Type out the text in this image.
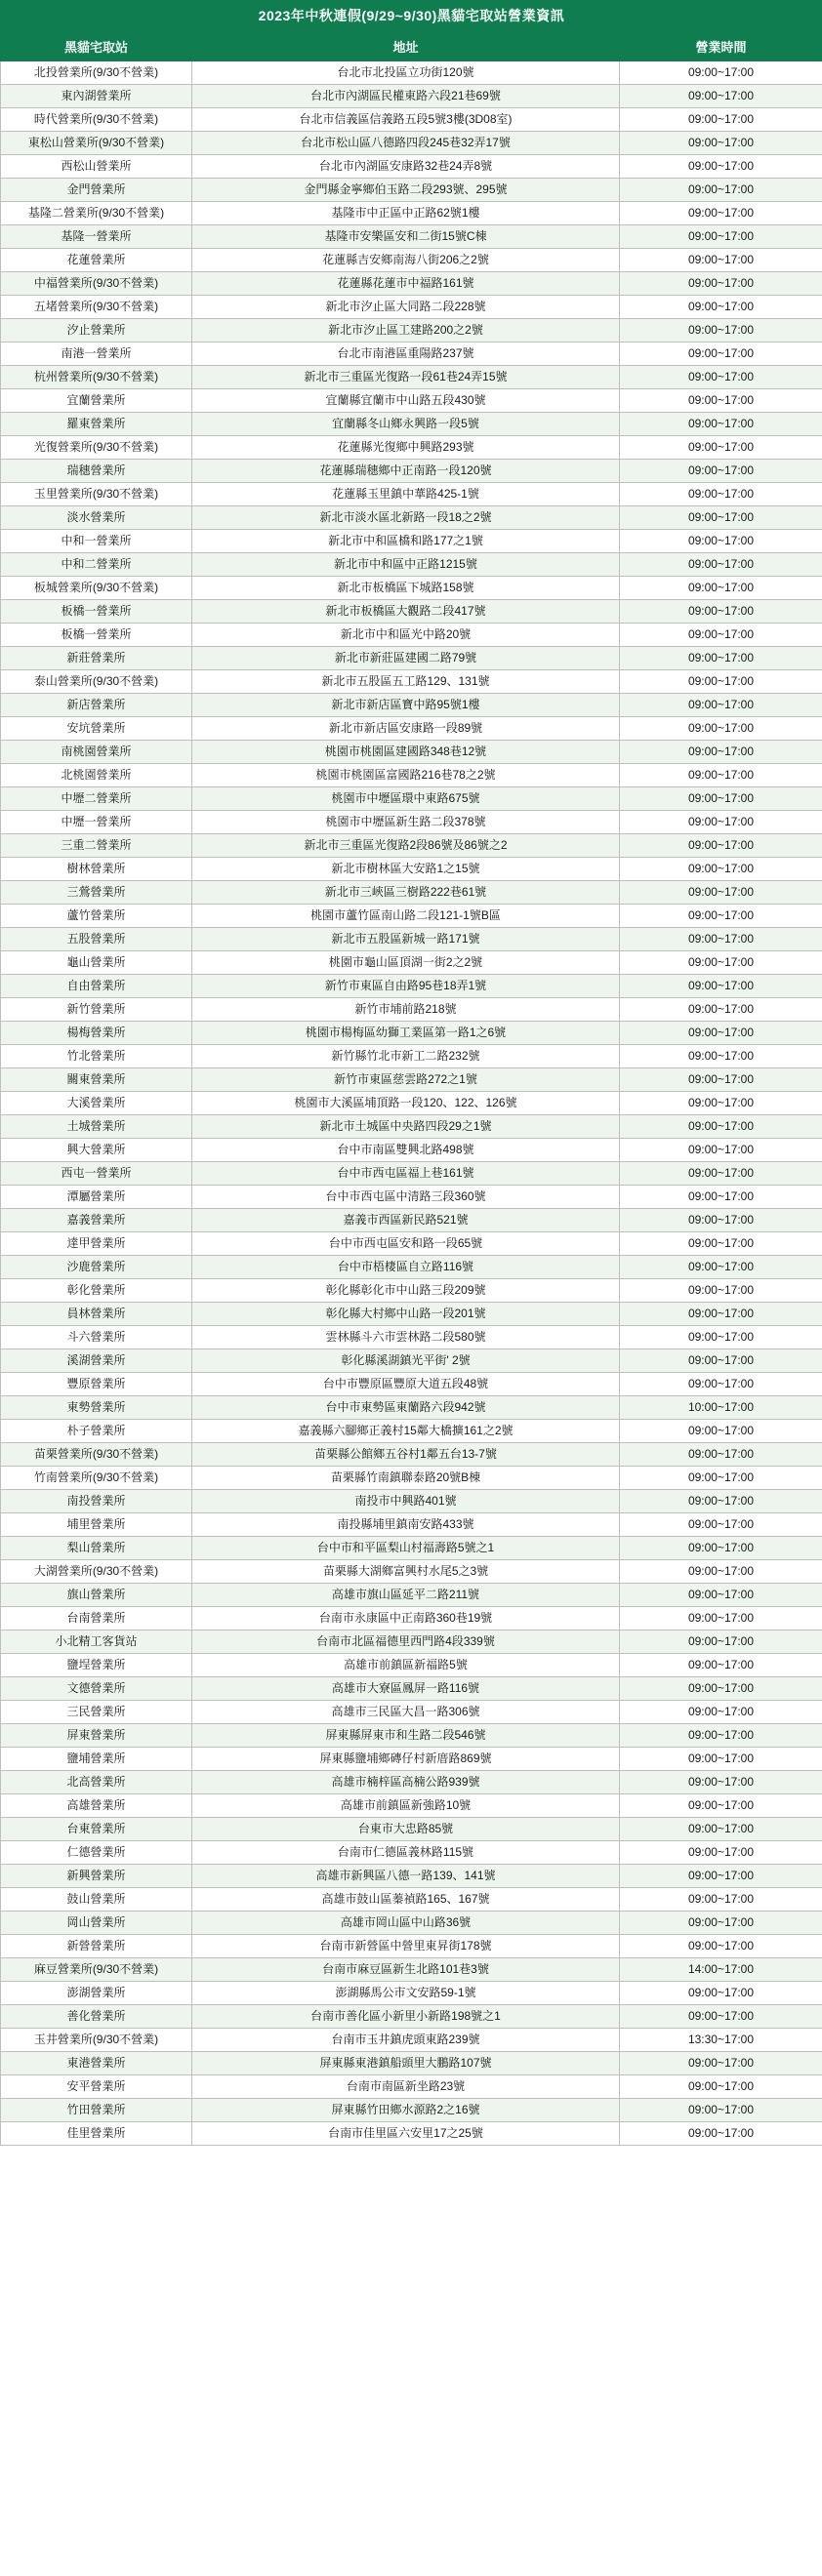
2023年中秋連假(9/29~9/30)黑貓宅取站營業資訊
黑貓宅取站	地址	營業時間
北投營業所(9/30不營業)	台北市北投區立功街120號	09:00~17:00
東內湖營業所	台北市內湖區民權東路六段21巷69號	09:00~17:00
時代營業所(9/30不營業)	台北市信義區信義路五段5號3樓(3D08室)	09:00~17:00
東松山營業所(9/30不營業)	台北市松山區八德路四段245巷32弄17號	09:00~17:00
西松山營業所	台北市內湖區安康路32巷24弄8號	09:00~17:00
金門營業所	金門縣金寧鄉伯玉路二段293號、295號	09:00~17:00
基隆二營業所(9/30不營業)	基隆市中正區中正路62號1樓	09:00~17:00
基隆一營業所	基隆市安樂區安和二街15號C棟	09:00~17:00
花蓮營業所	花蓮縣吉安鄉南海八街206之2號	09:00~17:00
中福營業所(9/30不營業)	花蓮縣花蓮市中福路161號	09:00~17:00
五堵營業所(9/30不營業)	新北市汐止區大同路二段228號	09:00~17:00
汐止營業所	新北市汐止區工建路200之2號	09:00~17:00
南港一營業所	台北市南港區重陽路237號	09:00~17:00
杭州營業所(9/30不營業)	新北市三重區光復路一段61巷24弄15號	09:00~17:00
宜蘭營業所	宜蘭縣宜蘭市中山路五段430號	09:00~17:00
羅東營業所	宜蘭縣冬山鄉永興路一段5號	09:00~17:00
光復營業所(9/30不營業)	花蓮縣光復鄉中興路293號	09:00~17:00
瑞穗營業所	花蓮縣瑞穗鄉中正南路一段120號	09:00~17:00
玉里營業所(9/30不營業)	花蓮縣玉里鎮中華路425-1號	09:00~17:00
淡水營業所	新北市淡水區北新路一段18之2號	09:00~17:00
中和一營業所	新北市中和區橋和路177之1號	09:00~17:00
中和二營業所	新北市中和區中正路1215號	09:00~17:00
板城營業所(9/30不營業)	新北市板橋區下城路158號	09:00~17:00
板橋一營業所	新北市板橋區大觀路二段417號	09:00~17:00
板橋一營業所	新北市中和區光中路20號	09:00~17:00
新莊營業所	新北市新莊區建國二路79號	09:00~17:00
泰山營業所(9/30不營業)	新北市五股區五工路129、131號	09:00~17:00
新店營業所	新北市新店區寶中路95號1樓	09:00~17:00
安坑營業所	新北市新店區安康路一段89號	09:00~17:00
南桃園營業所	桃園市桃園區建國路348巷12號	09:00~17:00
北桃園營業所	桃園市桃園區富國路216巷78之2號	09:00~17:00
中壢二營業所	桃園市中壢區環中東路675號	09:00~17:00
中壢一營業所	桃園市中壢區新生路二段378號	09:00~17:00
三重二營業所	新北市三重區光復路2段86號及86號之2	09:00~17:00
樹林營業所	新北市樹林區大安路1之15號	09:00~17:00
三鶯營業所	新北市三峽區三樹路222巷61號	09:00~17:00
蘆竹營業所	桃園市蘆竹區南山路二段121-1號B區	09:00~17:00
五股營業所	新北市五股區新城一路171號	09:00~17:00
龜山營業所	桃園市龜山區頂湖一街2之2號	09:00~17:00
自由營業所	新竹市東區自由路95巷18弄1號	09:00~17:00
新竹營業所	新竹市埔前路218號	09:00~17:00
楊梅營業所	桃園市楊梅區幼獅工業區第一路1之6號	09:00~17:00
竹北營業所	新竹縣竹北市新工二路232號	09:00~17:00
關東營業所	新竹市東區慈雲路272之1號	09:00~17:00
大溪營業所	桃園市大溪區埔頂路一段120、122、126號	09:00~17:00
土城營業所	新北市土城區中央路四段29之1號	09:00~17:00
興大營業所	台中市南區雙興北路498號	09:00~17:00
西屯一營業所	台中市西屯區福上巷161號	09:00~17:00
潭屬營業所	台中市西屯區中清路三段360號	09:00~17:00
嘉義營業所	嘉義市西區新民路521號	09:00~17:00
達甲營業所	台中市西屯區安和路一段65號	09:00~17:00
沙鹿營業所	台中市梧棲區自立路116號	09:00~17:00
彰化營業所	彰化縣彰化市中山路三段209號	09:00~17:00
員林營業所	彰化縣大村鄉中山路一段201號	09:00~17:00
斗六營業所	雲林縣斗六市雲林路二段580號	09:00~17:00
溪湖營業所	彰化縣溪湖鎮光平街' 2號	09:00~17:00
豐原營業所	台中市豐原區豐原大道五段48號	09:00~17:00
東勢營業所	台中市東勢區東蘭路六段942號	10:00~17:00
朴子營業所	嘉義縣六腳鄉正義村15鄰大橋擴161之2號	09:00~17:00
苗栗營業所(9/30不營業)	苗栗縣公館鄉五谷村1鄰五台13-7號	09:00~17:00
竹南營業所(9/30不營業)	苗栗縣竹南鎮聯泰路20號B棟	09:00~17:00
南投營業所	南投市中興路401號	09:00~17:00
埔里營業所	南投縣埔里鎮南安路433號	09:00~17:00
梨山營業所	台中市和平區梨山村福壽路5號之1	09:00~17:00
大湖營業所(9/30不營業)	苗栗縣大湖鄉富興村水尾5之3號	09:00~17:00
旗山營業所	高雄市旗山區延平二路211號	09:00~17:00
台南營業所	台南市永康區中正南路360巷19號	09:00~17:00
小北精工客貨站	台南市北區福德里西門路4段339號	09:00~17:00
鹽埕營業所	高雄市前鎮區新福路5號	09:00~17:00
文德營業所	高雄市大寮區鳳屏一路116號	09:00~17:00
三民營業所	高雄市三民區大昌一路306號	09:00~17:00
屏東營業所	屏東縣屏東市和生路二段546號	09:00~17:00
鹽埔營業所	屏東縣鹽埔鄉磚仔村新庴路869號	09:00~17:00
北高營業所	高雄市楠梓區高楠公路939號	09:00~17:00
高雄營業所	高雄市前鎮區新強路10號	09:00~17:00
台東營業所	台東市大忠路85號	09:00~17:00
仁德營業所	台南市仁德區義林路115號	09:00~17:00
新興營業所	高雄市新興區八德一路139、141號	09:00~17:00
鼓山營業所	高雄市鼓山區蓁禎路165、167號	09:00~17:00
岡山營業所	高雄市岡山區中山路36號	09:00~17:00
新營營業所	台南市新營區中營里東昇街178號	09:00~17:00
麻豆營業所(9/30不營業)	台南市麻豆區新生北路101巷3號	14:00~17:00
澎湖營業所	澎湖縣馬公市文安路59-1號	09:00~17:00
善化營業所	台南市善化區小新里小新路198號之1	09:00~17:00
玉井營業所(9/30不營業)	台南市玉井鎮虎頭東路239號	13:30~17:00
東港營業所	屏東縣東港鎮船頭里大鵬路107號	09:00~17:00
安平營業所	台南市南區新坐路23號	09:00~17:00
竹田營業所	屏東縣竹田鄉水源路2之16號	09:00~17:00
佳里營業所	台南市佳里區六安里17之25號	09:00~17:00
